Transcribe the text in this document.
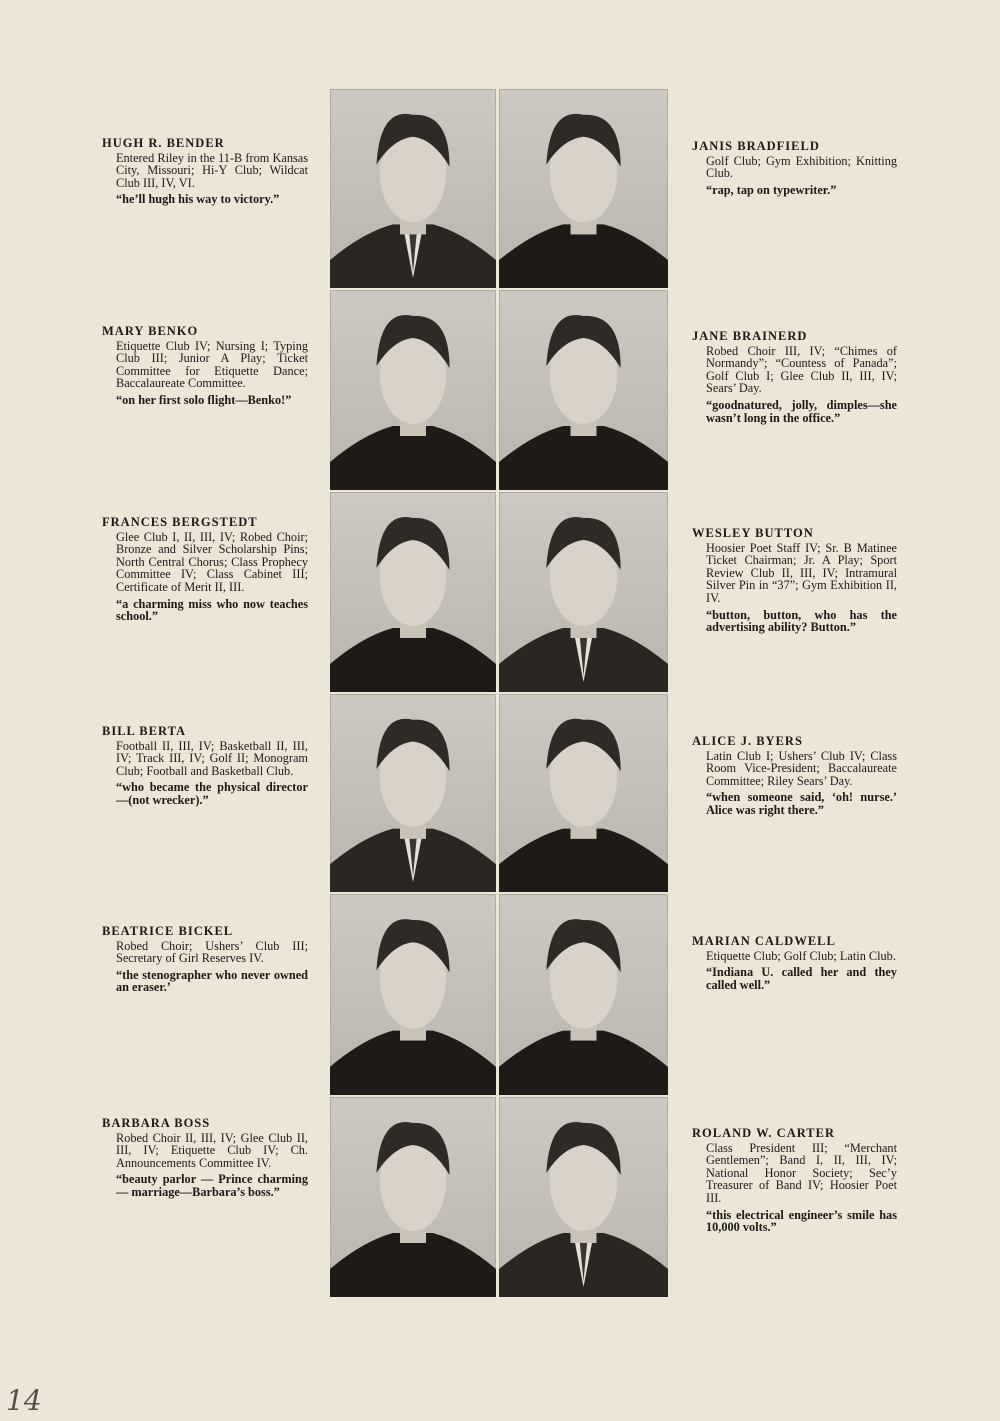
HUGH R. BENDER
Entered Riley in the 11-B from Kansas City, Missouri; Hi-Y Club; Wildcat Club III, IV, VI.
“he’ll hugh his way to victory.”
MARY BENKO
Etiquette Club IV; Nursing I; Typing Club III; Junior A Play; Ticket Committee for Etiquette Dance; Baccalaureate Committee.
“on her first solo flight—Benko!”
FRANCES BERGSTEDT
Glee Club I, II, III, IV; Robed Choir; Bronze and Silver Scholarship Pins; North Central Chorus; Class Prophecy Committee IV; Class Cabinet III; Certificate of Merit II, III.
“a charming miss who now teaches school.”
BILL BERTA
Football II, III, IV; Basketball II, III, IV; Track III, IV; Golf II; Monogram Club; Football and Basketball Club.
“who became the physical director—(not wrecker).”
BEATRICE BICKEL
Robed Choir; Ushers’ Club III; Secretary of Girl Reserves IV.
“the stenographer who never owned an eraser.’
BARBARA BOSS
Robed Choir II, III, IV; Glee Club II, III, IV; Etiquette Club IV; Ch. Announcements Committee IV.
“beauty parlor — Prince charming — marriage—Barbara’s boss.”
JANIS BRADFIELD
Golf Club; Gym Exhibition; Knitting Club.
“rap, tap on typewriter.”
JANE BRAINERD
Robed Choir III, IV; “Chimes of Normandy”; “Countess of Panada”; Golf Club I; Glee Club II, III, IV; Sears’ Day.
“goodnatured, jolly, dimples—she wasn’t long in the office.”
WESLEY BUTTON
Hoosier Poet Staff IV; Sr. B Matinee Ticket Chairman; Jr. A Play; Sport Review Club II, III, IV; Intramural Silver Pin in “37”; Gym Exhibition II, IV.
“button, button, who has the advertising ability? Button.”
ALICE J. BYERS
Latin Club I; Ushers’ Club IV; Class Room Vice-President; Baccalaureate Committee; Riley Sears’ Day.
“when someone said, ‘oh! nurse.’ Alice was right there.”
MARIAN CALDWELL
Etiquette Club; Golf Club; Latin Club.
“Indiana U. called her and they called well.”
ROLAND W. CARTER
Class President III; “Merchant Gentlemen”; Band I, II, III, IV; National Honor Society; Sec’y Treasurer of Band IV; Hoosier Poet III.
“this electrical engineer’s smile has 10,000 volts.”
14
